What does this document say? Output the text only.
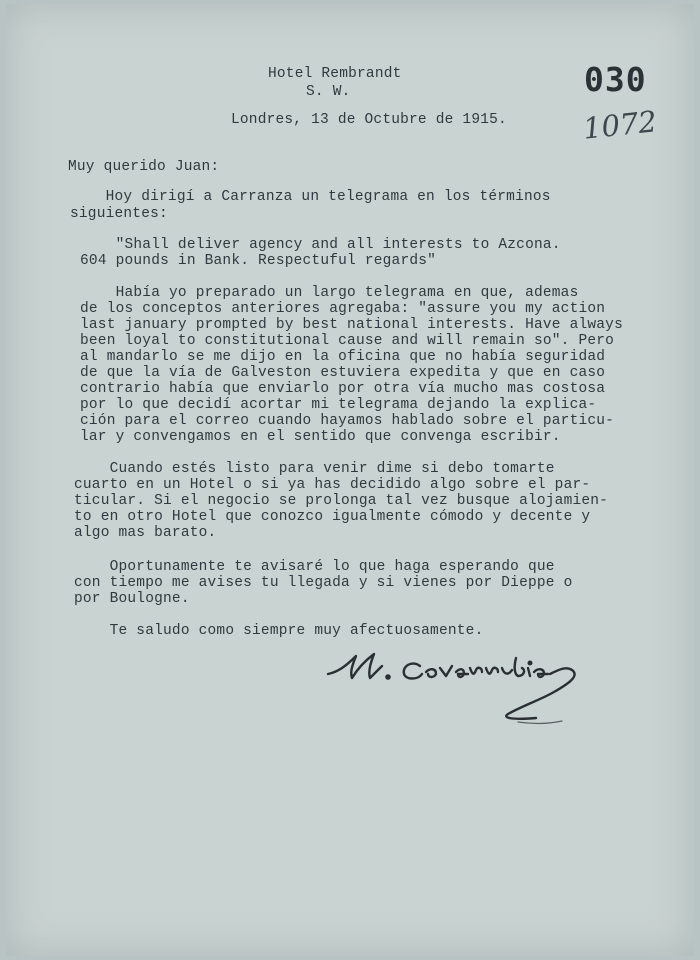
Hotel Rembrandt
S. W.
Londres, 13 de Octubre de 1915.
030
1072
Muy querido Juan:
Hoy dirigí a Carranza un telegrama en los términos
siguientes:
"Shall deliver agency and all interests to Azcona.
604 pounds in Bank. Respectuful regards"
Había yo preparado un largo telegrama en que, ademas
de los conceptos anteriores agregaba: "assure you my action
last january prompted by best national interests. Have always
been loyal to constitutional cause and will remain so". Pero
al mandarlo se me dijo en la oficina que no había seguridad
de que la vía de Galveston estuviera expedita y que en caso
contrario había que enviarlo por otra vía mucho mas costosa
por lo que decidí acortar mi telegrama dejando la explica-
ción para el correo cuando hayamos hablado sobre el particu-
lar y convengamos en el sentido que convenga escribir.
Cuando estés listo para venir dime si debo tomarte
cuarto en un Hotel o si ya has decidido algo sobre el par-
ticular. Si el negocio se prolonga tal vez busque alojamien-
to en otro Hotel que conozco igualmente cómodo y decente y
algo mas barato.
Oportunamente te avisaré lo que haga esperando que
con tiempo me avises tu llegada y si vienes por Dieppe o
por Boulogne.
Te saludo como siempre muy afectuosamente.
